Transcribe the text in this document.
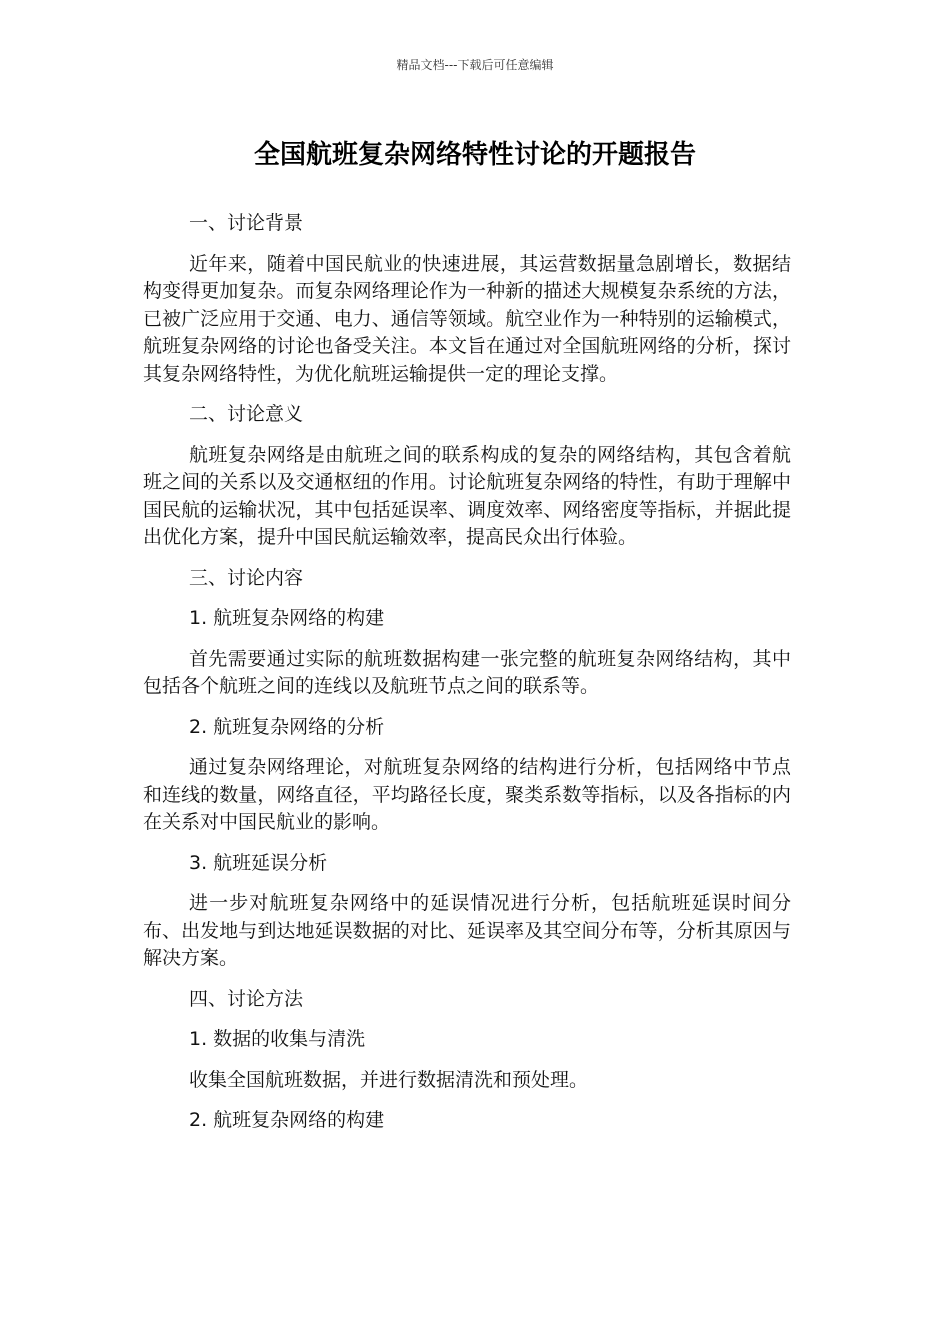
精品文档---下载后可任意编辑
全国航班复杂网络特性讨论的开题报告

一、讨论背景

近年来，随着中国民航业的快速进展，其运营数据量急剧增长，数据结构变得更加复杂。而复杂网络理论作为一种新的描述大规模复杂系统的方法，已被广泛应用于交通、电力、通信等领域。航空业作为一种特别的运输模式，航班复杂网络的讨论也备受关注。本文旨在通过对全国航班网络的分析，探讨其复杂网络特性，为优化航班运输提供一定的理论支撑。

二、讨论意义

航班复杂网络是由航班之间的联系构成的复杂的网络结构，其包含着航班之间的关系以及交通枢纽的作用。讨论航班复杂网络的特性，有助于理解中国民航的运输状况，其中包括延误率、调度效率、网络密度等指标，并据此提出优化方案，提升中国民航运输效率，提高民众出行体验。

三、讨论内容

1. 航班复杂网络的构建

首先需要通过实际的航班数据构建一张完整的航班复杂网络结构，其中包括各个航班之间的连线以及航班节点之间的联系等。

2. 航班复杂网络的分析

通过复杂网络理论，对航班复杂网络的结构进行分析，包括网络中节点和连线的数量，网络直径，平均路径长度，聚类系数等指标，以及各指标的内在关系对中国民航业的影响。

3. 航班延误分析

进一步对航班复杂网络中的延误情况进行分析，包括航班延误时间分布、出发地与到达地延误数据的对比、延误率及其空间分布等，分析其原因与解决方案。

四、讨论方法

1. 数据的收集与清洗

收集全国航班数据，并进行数据清洗和预处理。

2. 航班复杂网络的构建
